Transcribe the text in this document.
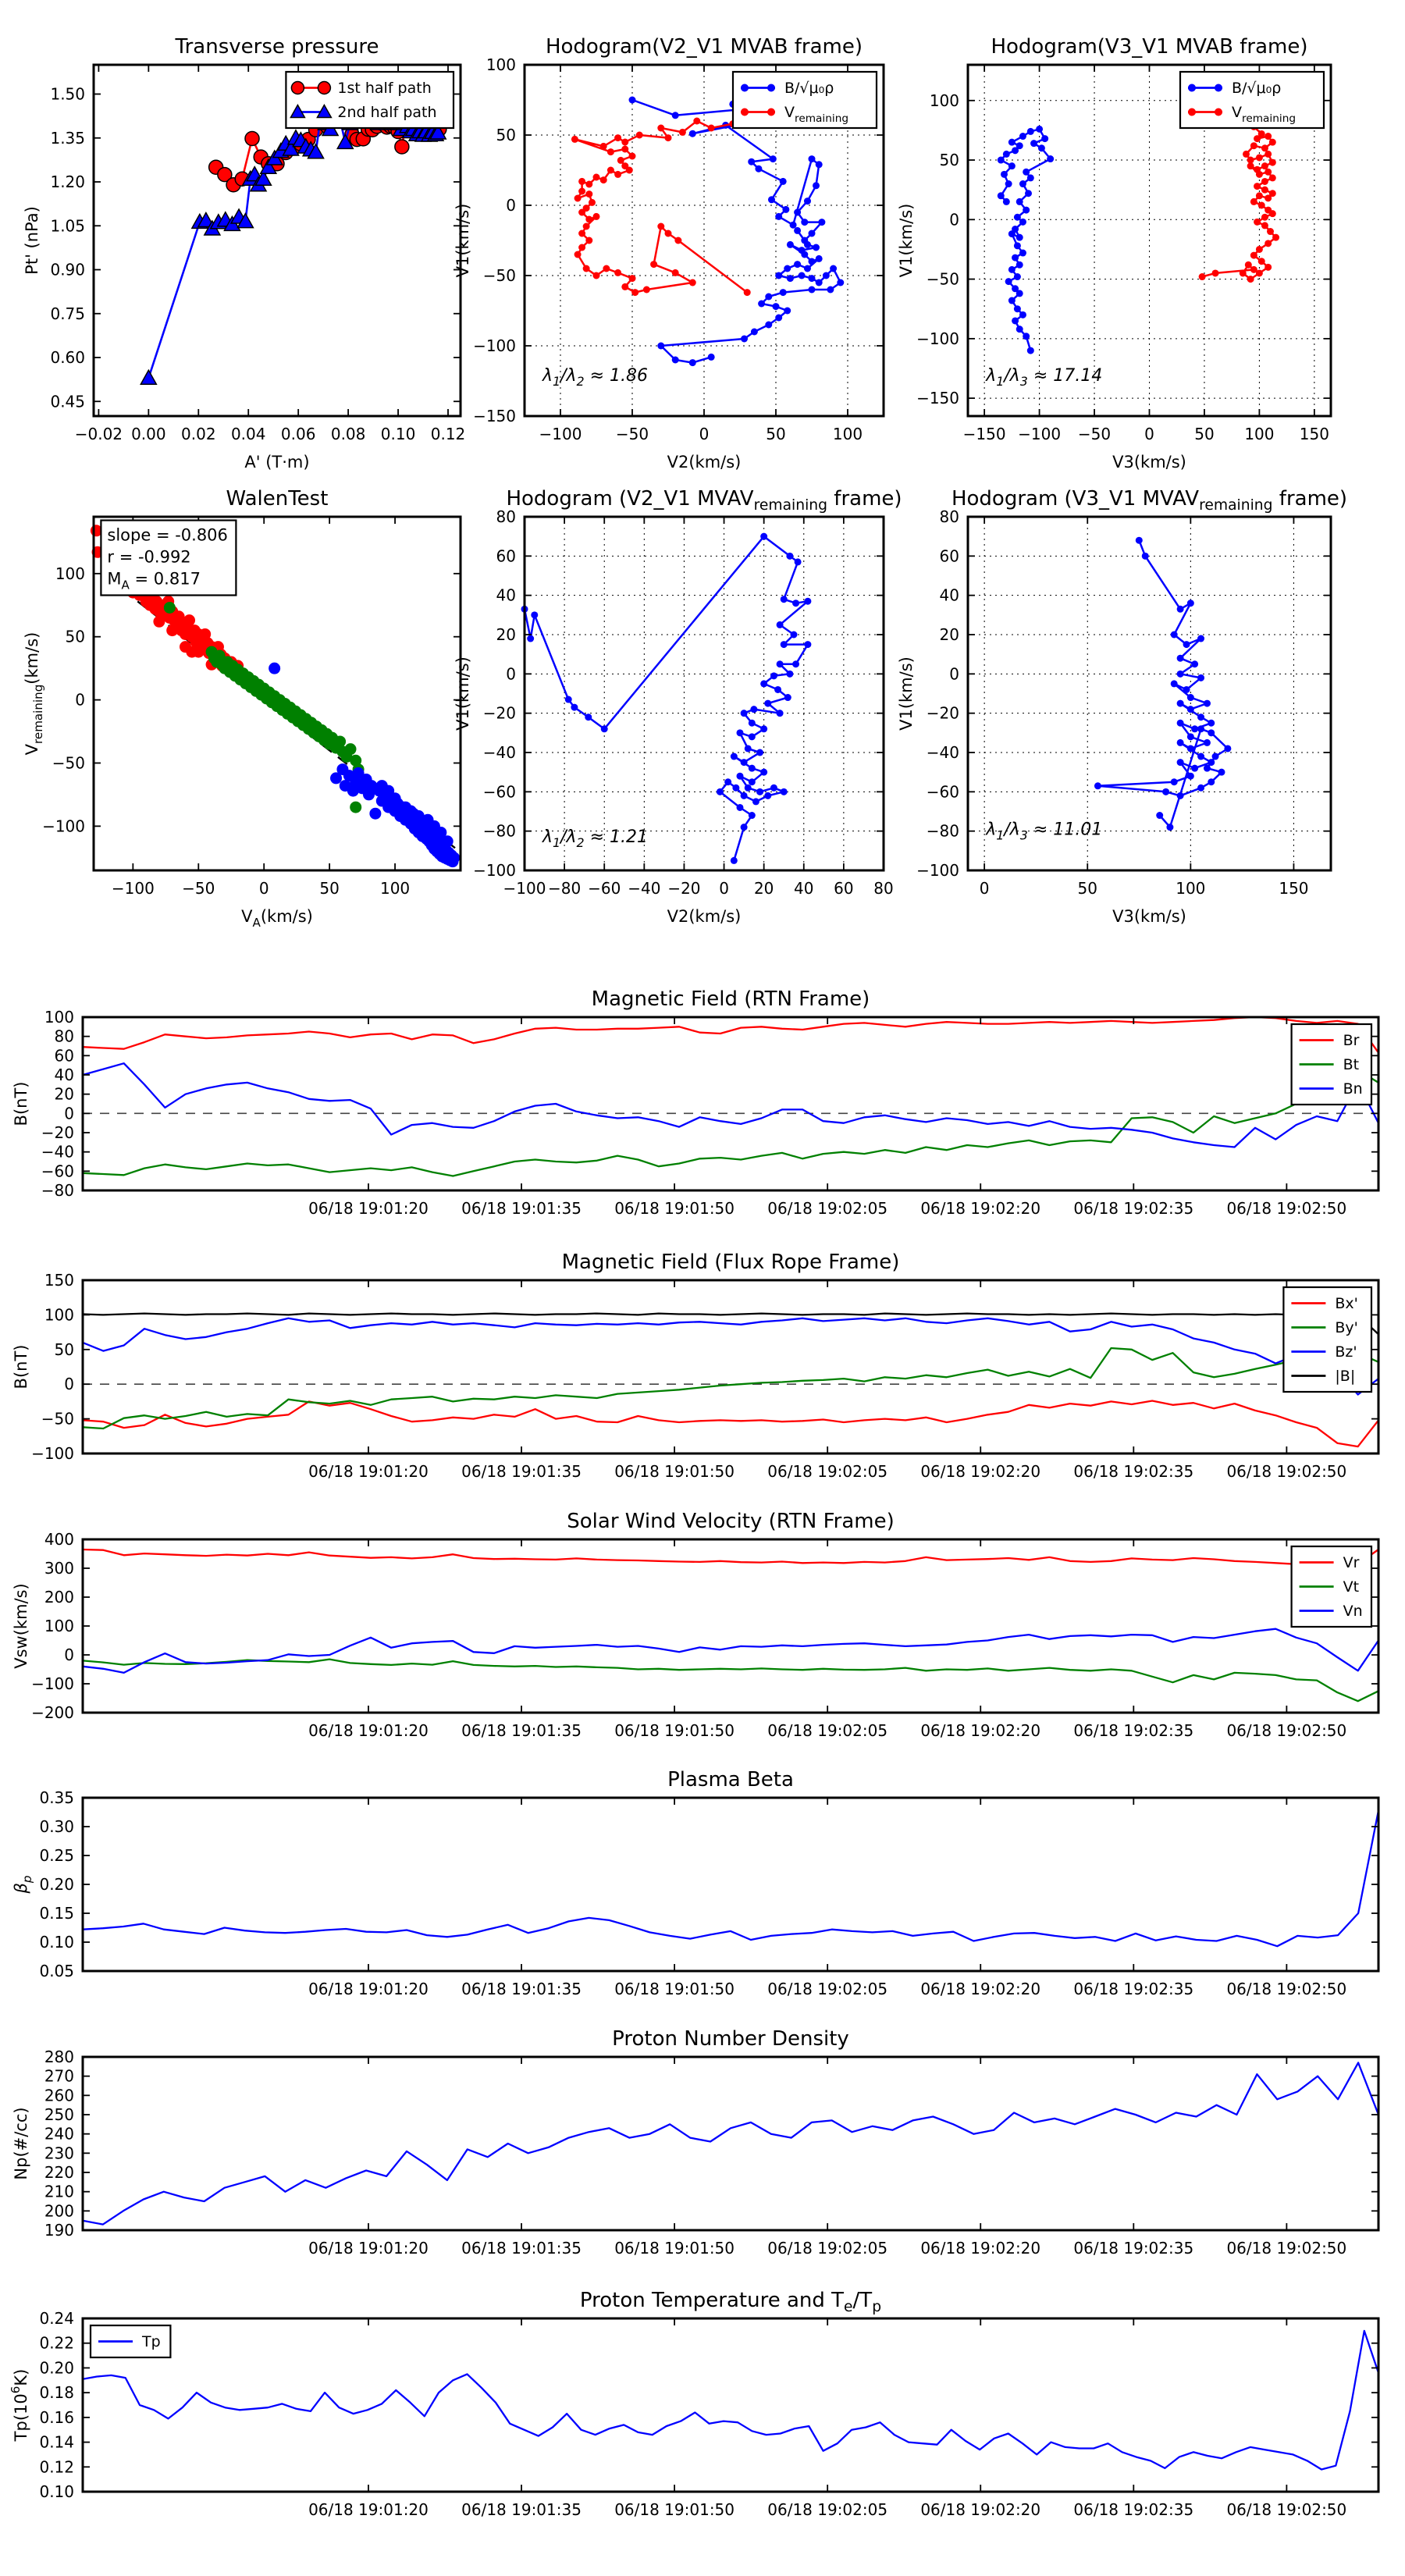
−0.02 0.00 0.02 0.04 0.06 0.08 0.10 0.12
0.45
0.60
0.75
0.90
1.05
1.20
1.35
1.50
Transverse pressure
A' (T·m)
Pt' (nPa)
1st half path
2nd half path
−100 −50	0	50	100
−150
−100
−50
0
50
100
Hodogram(V2_V1 MVAB frame)
V2(km/s)
V1(km/s)
$\lambda_1/\lambda_2 \approx 1.86$
B/√μ₀ρ
$V_{remaining}$
−150 −100 −50 0	50 100 150
−150
−100
−50
0
50
100
Hodogram(V3_V1 MVAB frame)
V3(km/s)
V1(km/s)
$\lambda_1/\lambda_3 \approx 17.14$
B/√μ₀ρ
$V_{remaining}$
−100 −50	0	50	100
−100
−50
0
50
100
WalenTest
$V_A(km/s)$
$V_{remaining}(km/s)$
slope = -0.806
r = -0.992
$M_A = 0.817$
−100 −80 −60 −40 −20 0 20 40 60 80
−100
−80
−60
−40
−20
0
20
40
60
80
Hodogram (V2_V1 $MVAV_{remaining}$ frame)
V2(km/s)
V1(km/s)
$\lambda_1/\lambda_2 \approx 1.21$
0	50	100	150
−100
−80
−60
−40
−20
0
20
40
60
80
Hodogram (V3_V1 $MVAV_{remaining}$ frame)
V3(km/s)
V1(km/s)
$\lambda_1/\lambda_3 \approx 11.01$
06/18 19:01:20 06/18 19:01:35 06/18 19:01:50 06/18 19:02:05 06/18 19:02:20 06/18 19:02:35 06/18 19:02:50
−80
−60
−40
−20
0
20
40
60
80
100
Magnetic Field (RTN Frame)
B(nT)
Br
Bt
Bn
06/18 19:01:20 06/18 19:01:35 06/18 19:01:50 06/18 19:02:05 06/18 19:02:20 06/18 19:02:35 06/18 19:02:50
−100
−50
0
50
100
150
Magnetic Field (Flux Rope Frame)
B(nT)
Bx'
By'
Bz'
|B|
06/18 19:01:20 06/18 19:01:35 06/18 19:01:50 06/18 19:02:05 06/18 19:02:20 06/18 19:02:35 06/18 19:02:50
−200
−100
0
100
200
300
400
Solar Wind Velocity (RTN Frame)
Vsw(km/s)
Vr
Vt
Vn
06/18 19:01:20 06/18 19:01:35 06/18 19:01:50 06/18 19:02:05 06/18 19:02:20 06/18 19:02:35 06/18 19:02:50
0.05
0.10
0.15
0.20
0.25
0.30
0.35
Plasma Beta
$\beta_p$
06/18 19:01:20 06/18 19:01:35 06/18 19:01:50 06/18 19:02:05 06/18 19:02:20 06/18 19:02:35 06/18 19:02:50
190
200
210
220
230
240
250
260
270
280
Proton Number Density
Np(#/cc)
06/18 19:01:20 06/18 19:01:35 06/18 19:01:50 06/18 19:02:05 06/18 19:02:20 06/18 19:02:35 06/18 19:02:50
0.10
0.12
0.14
0.16
0.18
0.20
0.22
0.24
Proton Temperature and $T_e/T_p$
$Tp(10^6K)$
Tp
